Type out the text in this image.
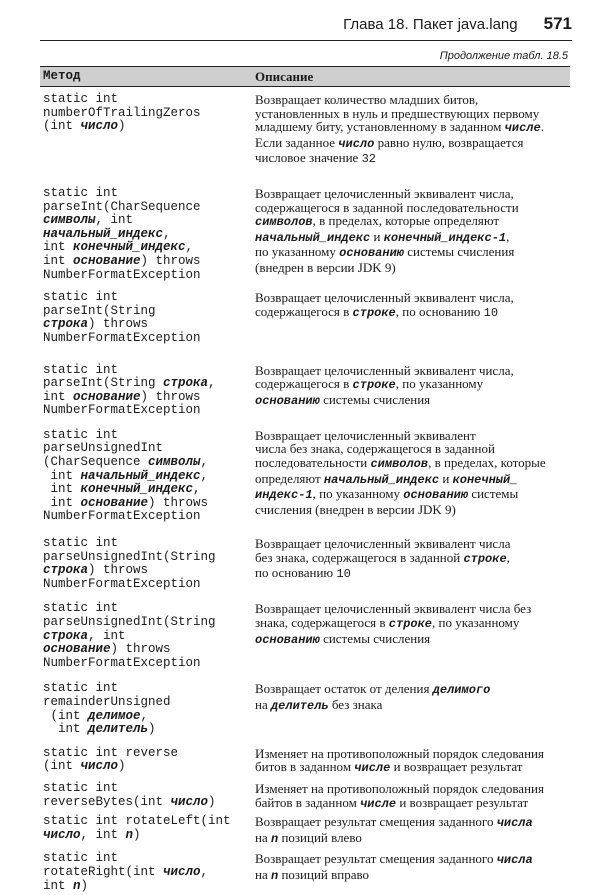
Глава 18. Пакет java.lang 571
Продолжение табл. 18.5
Метод	Описание
static int
numberOfTrailingZeros
(int число)
Возвращает количество младших битов,
установленных в нуль и предшествующих первому
младшему биту, установленному в заданном числе.
Если заданное число равно нулю, возвращается
числовое значение 32
static int
parseInt(CharSequence
символы, int
начальный_индекс,
int конечный_индекс,
int основание) throws
NumberFormatException
Возвращает целочисленный эквивалент числа,
содержащегося в заданной последовательности
символов, в пределах, которые определяют
начальный_индекс и конечный_индекс-1,
по указанному основанию системы счисления
(внедрен в версии JDK 9)
static int
parseInt(String
строка) throws
NumberFormatException
Возвращает целочисленный эквивалент числа,
содержащегося в строке, по основанию 10
static int
parseInt(String строка,
int основание) throws
NumberFormatException
Возвращает целочисленный эквивалент числа,
содержащегося в строке, по указанному
основанию системы счисления
static int
parseUnsignedInt
(CharSequence символы,
int начальный_индекс,
int конечный_индекс,
int основание) throws
NumberFormatException
Возвращает целочисленный эквивалент
числа без знака, содержащегося в заданной
последовательности символов, в пределах, которые
определяют начальный_индекс и конечный_
индекс-1, по указанному основанию системы
счисления (внедрен в версии JDK 9)
static int
parseUnsignedInt(String
строка) throws
NumberFormatException
Возвращает целочисленный эквивалент числа
без знака, содержащегося в заданной строке,
по основанию 10
static int
parseUnsignedInt(String
строка, int
основание) throws
NumberFormatException
Возвращает целочисленный эквивалент числа без
знака, содержащегося в строке, по указанному
основанию системы счисления
static int
remainderUnsigned
(int делимое,
int делитель)
Возвращает остаток от деления делимого
на делитель без знака
static int reverse
(int число)
Изменяет на противоположный порядок следования
битов в заданном числе и возвращает результат
static int
reverseBytes(int число)
Изменяет на противоположный порядок следования
байтов в заданном числе и возвращает результат
static int rotateLeft(int
число, int n)
Возвращает результат смещения заданного числа
на n позиций влево
static int
rotateRight(int число,
int n)
Возвращает результат смещения заданного числа
на n позиций вправо
